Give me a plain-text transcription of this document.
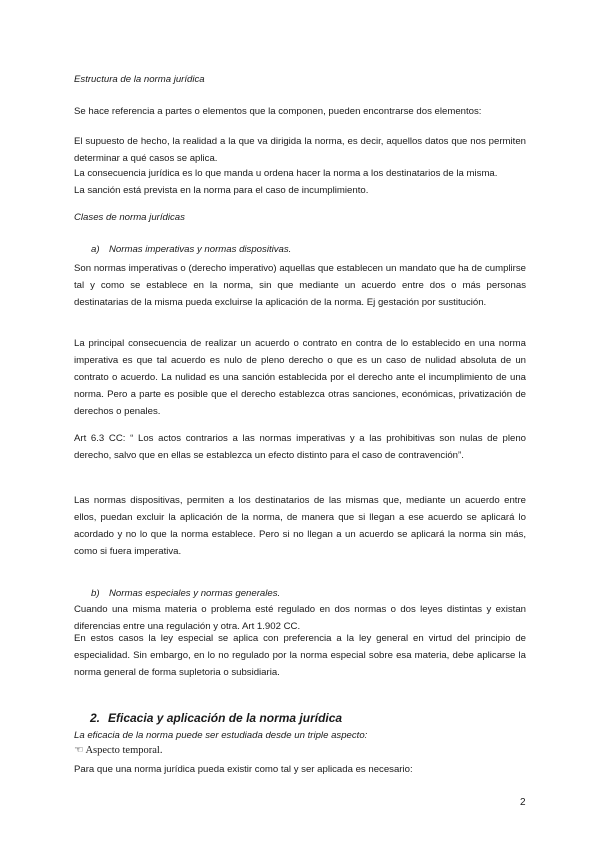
Estructura de la norma jurídica
Se hace referencia a partes o elementos que la componen, pueden encontrarse dos elementos:
El supuesto de hecho, la realidad a la que va dirigida la norma, es decir, aquellos datos que nos permiten determinar a qué casos se aplica.
La consecuencia jurídica es lo que manda u ordena hacer la norma a los destinatarios de la misma.
La sanción está prevista en la norma para el caso de incumplimiento.
Clases de norma jurídicas
a) Normas imperativas y normas dispositivas.
Son normas imperativas o (derecho imperativo) aquellas que establecen un mandato que ha de cumplirse tal y como se establece en la norma, sin que mediante un acuerdo entre dos o más personas destinatarias de la misma pueda excluirse la aplicación de la norma. Ej gestación por sustitución.
La principal consecuencia de realizar un acuerdo o contrato en contra de lo establecido en una norma imperativa es que tal acuerdo es nulo de pleno derecho o que es un caso de nulidad absoluta de un contrato o acuerdo. La nulidad es una sanción establecida por el derecho ante el incumplimiento de una norma. Pero a parte es posible que el derecho establezca otras sanciones, económicas, privatización de derechos o penales.
Art 6.3 CC: “ Los actos contrarios a las normas imperativas y a las prohibitivas son nulas de pleno derecho, salvo que en ellas se establezca un efecto distinto para el caso de contravención”.
Las normas dispositivas, permiten a los destinatarios de las mismas que, mediante un acuerdo entre ellos, puedan excluir la aplicación de la norma, de manera que si llegan a ese acuerdo se aplicará lo acordado y no lo que la norma establece. Pero si no llegan a un acuerdo se aplicará la norma sin más, como si fuera imperativa.
b) Normas especiales y normas generales.
Cuando una misma materia o problema esté regulado en dos normas o dos leyes distintas y existan diferencias entre una regulación y otra. Art 1.902 CC.
En estos casos la ley especial se aplica con preferencia a la ley general en virtud del principio de especialidad. Sin embargo, en lo no regulado por la norma especial sobre esa materia, debe aplicarse la norma general de forma supletoria o subsidiaria.
2. Eficacia y aplicación de la norma jurídica
La eficacia de la norma puede ser estudiada desde un triple aspecto:
☜ Aspecto temporal.
Para que una norma jurídica pueda existir como tal y ser aplicada es necesario:
2
